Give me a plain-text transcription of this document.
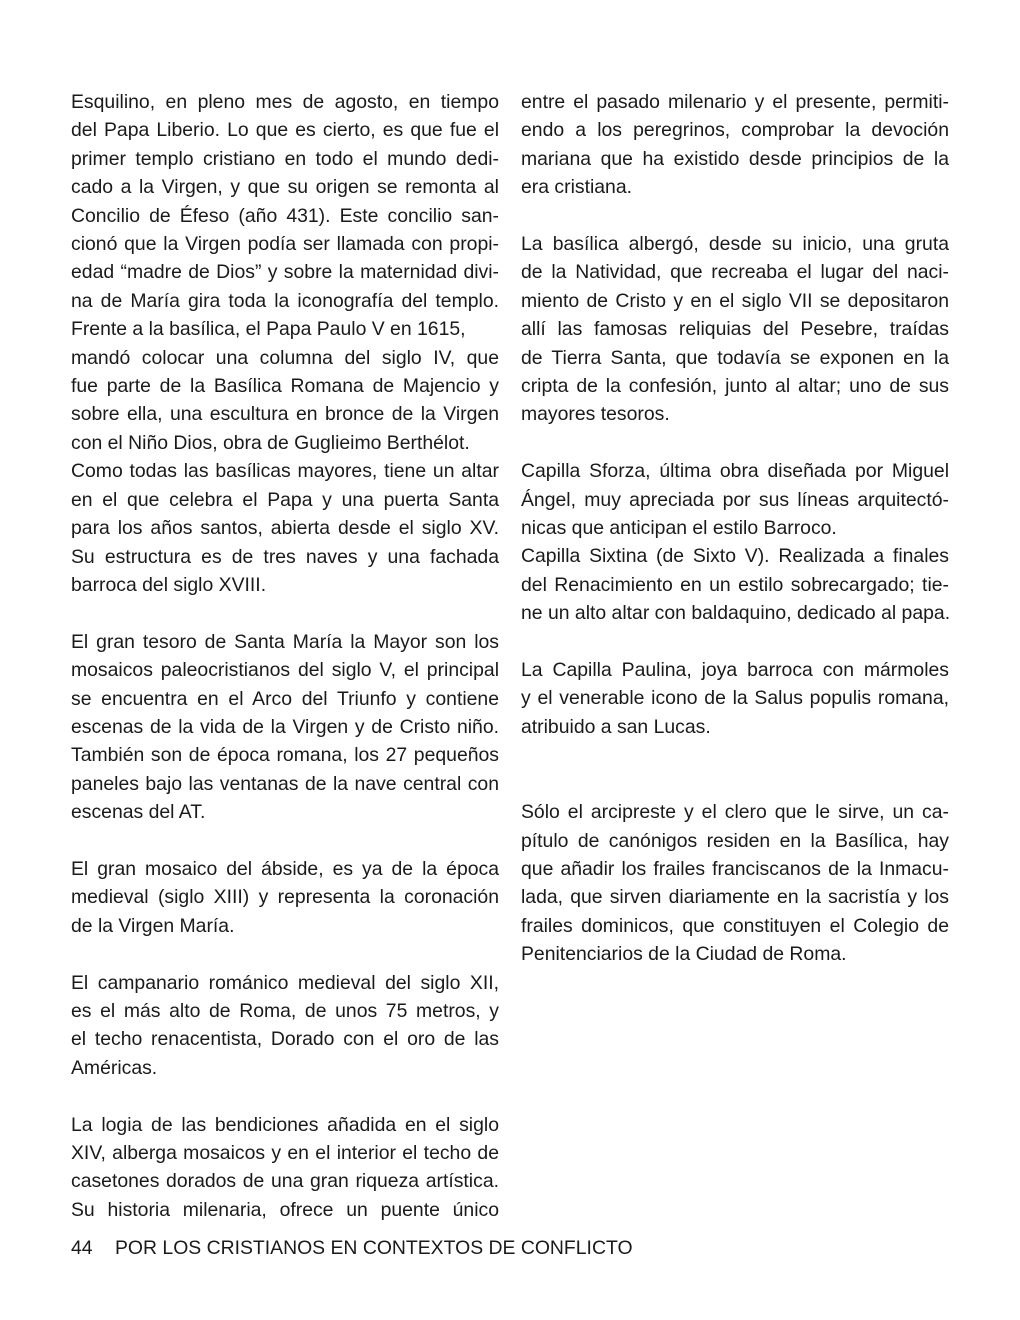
Esquilino, en pleno mes de agosto, en tiempo
del Papa Liberio. Lo que es cierto, es que fue el
primer templo cristiano en todo el mundo dedi-
cado a la Virgen, y que su origen se remonta al
Concilio de Éfeso (año 431). Este concilio san-
cionó que la Virgen podía ser llamada con propi-
edad “madre de Dios” y sobre la maternidad divi-
na de María gira toda la iconografía del templo.
Frente a la basílica, el Papa Paulo V en 1615,
mandó colocar una columna del siglo IV, que
fue parte de la Basílica Romana de Majencio y
sobre ella, una escultura en bronce de la Virgen
con el Niño Dios, obra de Guglieimo Berthélot.
Como todas las basílicas mayores, tiene un altar
en el que celebra el Papa y una puerta Santa
para los años santos, abierta desde el siglo XV.
Su estructura es de tres naves y una fachada
barroca del siglo XVIII.

El gran tesoro de Santa María la Mayor son los
mosaicos paleocristianos del siglo V, el principal
se encuentra en el Arco del Triunfo y contiene
escenas de la vida de la Virgen y de Cristo niño.
También son de época romana, los 27 pequeños
paneles bajo las ventanas de la nave central con
escenas del AT.

El gran mosaico del ábside, es ya de la época
medieval (siglo XIII) y representa la coronación
de la Virgen María.

El campanario románico medieval del siglo XII,
es el más alto de Roma, de unos 75 metros, y
el techo renacentista, Dorado con el oro de las
Américas.

La logia de las bendiciones añadida en el siglo
XIV, alberga mosaicos y en el interior el techo de
casetones dorados de una gran riqueza artística.
Su historia milenaria, ofrece un puente único

entre el pasado milenario y el presente, permiti-
endo a los peregrinos, comprobar la devoción
mariana que ha existido desde principios de la
era cristiana.

La basílica albergó, desde su inicio, una gruta
de la Natividad, que recreaba el lugar del naci-
miento de Cristo y en el siglo VII se depositaron
allí las famosas reliquias del Pesebre, traídas
de Tierra Santa, que todavía se exponen en la
cripta de la confesión, junto al altar; uno de sus
mayores tesoros.

Capilla Sforza, última obra diseñada por Miguel
Ángel, muy apreciada por sus líneas arquitectó-
nicas que anticipan el estilo Barroco.

Capilla Sixtina (de Sixto V). Realizada a finales
del Renacimiento en un estilo sobrecargado; tie-
ne un alto altar con baldaquino, dedicado al papa.

La Capilla Paulina, joya barroca con mármoles
y el venerable icono de la Salus populis romana,
atribuido a san Lucas.

Sólo el arcipreste y el clero que le sirve, un ca-
pítulo de canónigos residen en la Basílica, hay
que añadir los frailes franciscanos de la Inmacu-
lada, que sirven diariamente en la sacristía y los
frailes dominicos, que constituyen el Colegio de
Penitenciarios de la Ciudad de Roma.

44 POR LOS CRISTIANOS EN CONTEXTOS DE CONFLICTO
